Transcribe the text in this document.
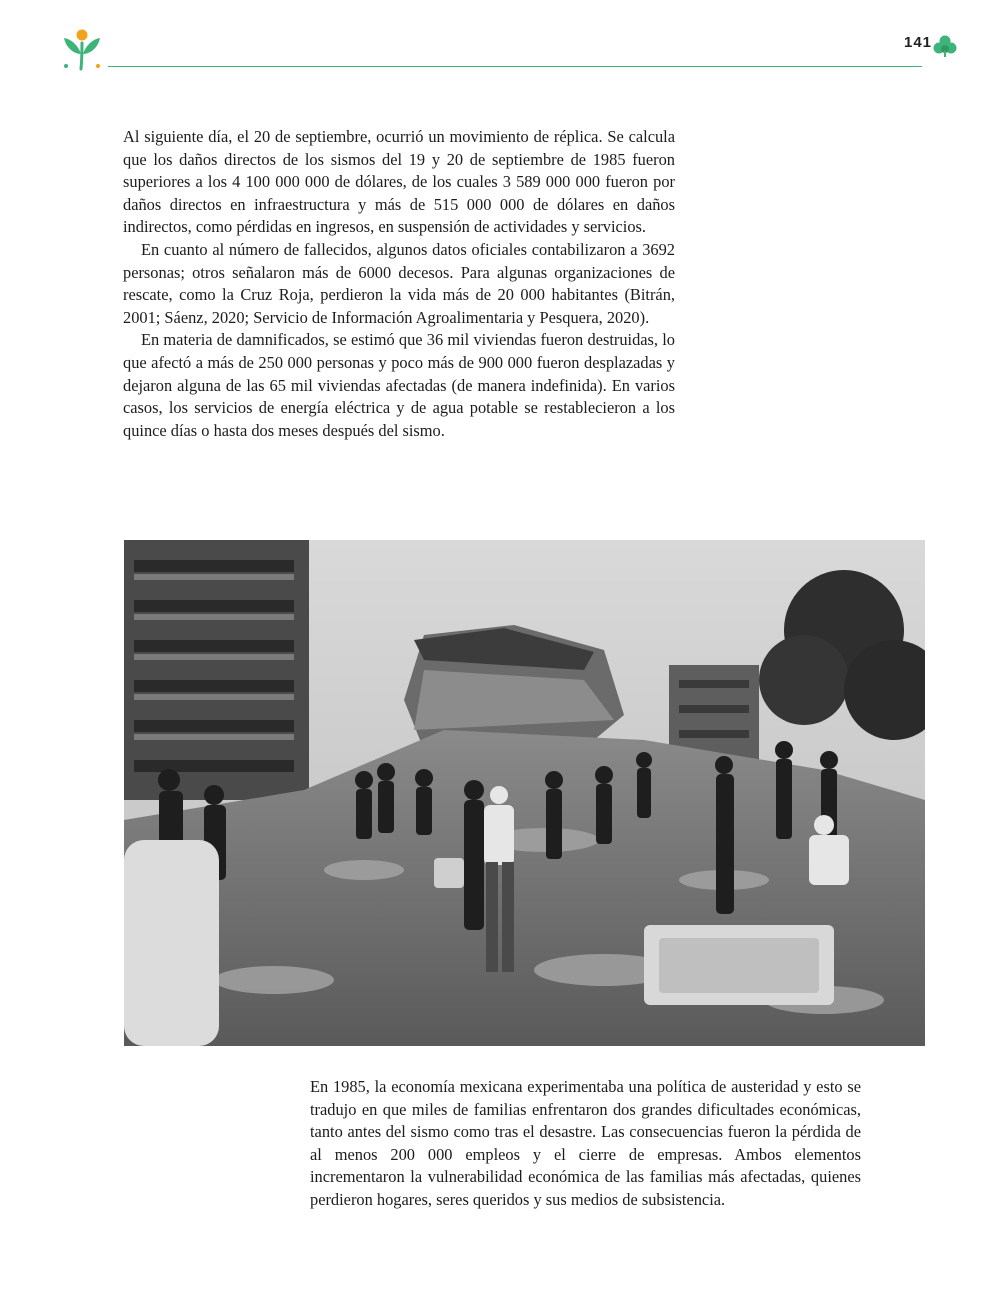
141

Al siguiente día, el 20 de septiembre, ocurrió un movimiento de réplica. Se calcula que los daños directos de los sismos del 19 y 20 de septiembre de 1985 fueron superiores a los 4 100 000 000 de dólares, de los cuales 3 589 000 000 fueron por daños directos en infraestructura y más de 515 000 000 de dólares en daños indirectos, como pérdidas en ingresos, en suspensión de actividades y servicios.

En cuanto al número de fallecidos, algunos datos oficiales contabilizaron a 3692 personas; otros señalaron más de 6000 decesos. Para algunas organizaciones de rescate, como la Cruz Roja, perdieron la vida más de 20 000 habitantes (Bitrán, 2001; Sáenz, 2020; Servicio de Información Agroalimentaria y Pesquera, 2020).

En materia de damnificados, se estimó que 36 mil viviendas fueron destruidas, lo que afectó a más de 250 000 personas y poco más de 900 000 fueron desplazadas y dejaron alguna de las 65 mil viviendas afectadas (de manera indefinida). En varios casos, los servicios de energía eléctrica y de agua potable se restablecieron a los quince días o hasta dos meses después del sismo.

En 1985, la economía mexicana experimentaba una política de austeridad y esto se tradujo en que miles de familias enfrentaron dos grandes dificultades económicas, tanto antes del sismo como tras el desastre. Las consecuencias fueron la pérdida de al menos 200 000 empleos y el cierre de empresas. Ambos elementos incrementaron la vulnerabilidad económica de las familias más afectadas, quienes perdieron hogares, seres queridos y sus medios de subsistencia.
